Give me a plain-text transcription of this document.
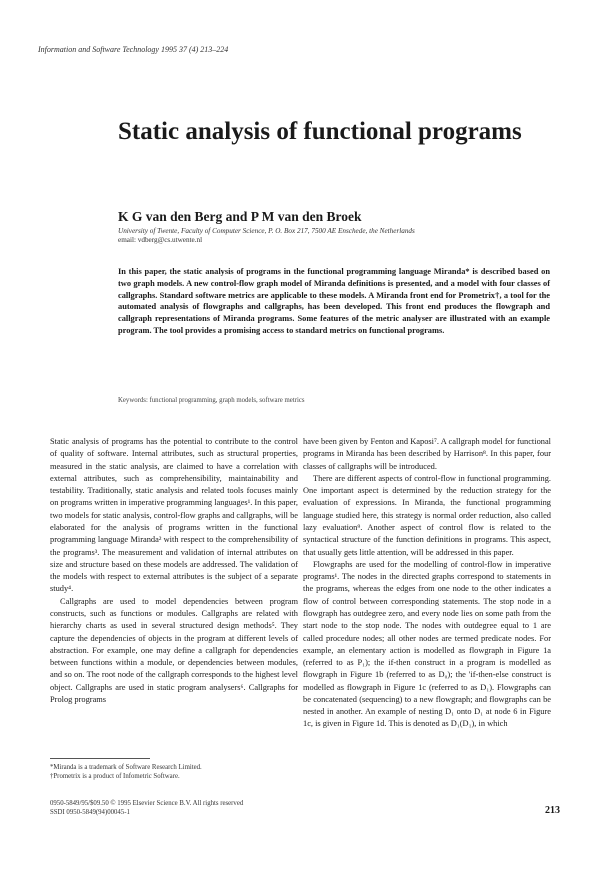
Information and Software Technology 1995 37 (4) 213–224
Static analysis of functional programs
K G van den Berg and P M van den Broek
University of Twente, Faculty of Computer Science, P. O. Box 217, 7500 AE Enschede, the Netherlands
email: vdberg@cs.utwente.nl

In this paper, the static analysis of programs in the functional programming language Miranda* is described based on two graph models. A new control-flow graph model of Miranda definitions is presented, and a model with four classes of callgraphs. Standard software metrics are applicable to these models. A Miranda front end for Prometrix†, a tool for the automated analysis of flowgraphs and callgraphs, has been developed. This front end produces the flowgraph and callgraph representations of Miranda programs. Some features of the metric analyser are illustrated with an example program. The tool provides a promising access to standard metrics on functional programs.

Keywords: functional programming, graph models, software metrics

Static analysis of programs has the potential to contribute to the control of quality of software. Internal attributes, such as structural properties, measured in the static analysis, are claimed to have a correlation with external attributes, such as comprehensibility, maintainability and testability. Traditionally, static analysis and related tools focuses mainly on programs written in imperative programming languages¹. In this paper, two models for static analysis, control-flow graphs and callgraphs, will be elaborated for the analysis of programs written in the functional programming language Miranda² with respect to the comprehensibility of the programs³. The measurement and validation of internal attributes on size and structure based on these models are addressed. The validation of the models with respect to external attributes is the subject of a separate study⁴.

Callgraphs are used to model dependencies between program constructs, such as functions or modules. Callgraphs are related with hierarchy charts as used in several structured design methods⁵. They capture the dependencies of objects in the program at different levels of abstraction. For example, one may define a callgraph for dependencies between functions within a module, or dependencies between modules, and so on. The root node of the callgraph corresponds to the highest level object. Callgraphs are used in static program analysers⁶. Callgraphs for Prolog programs

have been given by Fenton and Kaposi⁷. A callgraph model for functional programs in Miranda has been described by Harrison⁸. In this paper, four classes of callgraphs will be introduced.

There are different aspects of control-flow in functional programming. One important aspect is determined by the reduction strategy for the evaluation of expressions. In Miranda, the functional programming language studied here, this strategy is normal order reduction, also called lazy evaluation⁹. Another aspect of control flow is related to the syntactical structure of the function definitions in programs. This aspect, that usually gets little attention, will be addressed in this paper.

Flowgraphs are used for the modelling of control-flow in imperative programs¹. The nodes in the directed graphs correspond to statements in the programs, whereas the edges from one node to the other indicates a flow of control between corresponding statements. The stop node in a flowgraph has outdegree zero, and every node lies on some path from the start node to the stop node. The nodes with outdegree equal to 1 are called procedure nodes; all other nodes are termed predicate nodes. For example, an elementary action is modelled as flowgraph in Figure 1a (referred to as P₁); the if-then construct in a program is modelled as flowgraph in Figure 1b (referred to as D₀); the 'if-then-else construct is modelled as flowgraph in Figure 1c (referred to as D₁). Flowgraphs can be concatenated (sequencing) to a new flowgraph; and flowgraphs can be nested in another. An example of nesting D₁ onto D₁ at node 6 in Figure 1c, is given in Figure 1d. This is denoted as D₁(D₁), in which

*Miranda is a trademark of Software Research Limited.
†Prometrix is a product of Infometric Software.
0950-5849/95/$09.50 © 1995 Elsevier Science B.V. All rights reserved
SSDI 0950-5849(94)00045-1	213
